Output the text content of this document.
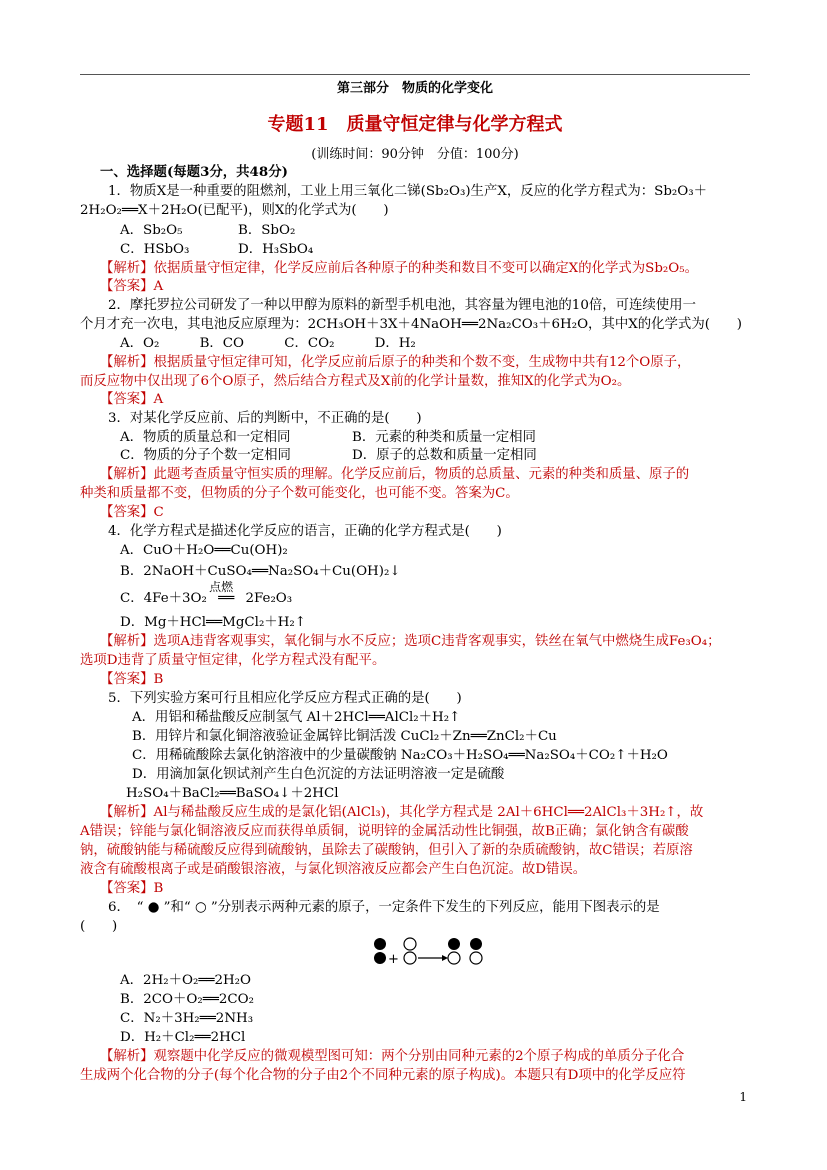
第三部分　物质的化学变化
专题11　质量守恒定律与化学方程式
(训练时间：90分钟　分值：100分)
一、选择题(每题3分，共48分)
1．物质X是一种重要的阻燃剂，工业上用三氧化二锑(Sb₂O₃)生产X，反应的化学方程式为：Sb₂O₃＋
2H₂O₂══X＋2H₂O(已配平)，则X的化学式为(　　)
A．Sb₂O₅	B．SbO₂
C．HSbO₃	D．H₃SbO₄
【解析】依据质量守恒定律，化学反应前后各种原子的种类和数目不变可以确定X的化学式为Sb₂O₅。
【答案】A
2．摩托罗拉公司研发了一种以甲醇为原料的新型手机电池，其容量为锂电池的10倍，可连续使用一
个月才充一次电，其电池反应原理为：2CH₃OH＋3X＋4NaOH══2Na₂CO₃＋6H₂O，其中X的化学式为(　　)
A．O₂　　　B．CO　　　C．CO₂　　　D．H₂
【解析】根据质量守恒定律可知，化学反应前后原子的种类和个数不变，生成物中共有12个O原子，
而反应物中仅出现了6个O原子，然后结合方程式及X前的化学计量数，推知X的化学式为O₂。
【答案】A
3．对某化学反应前、后的判断中，不正确的是(　　)
A．物质的质量总和一定相同	B．元素的种类和质量一定相同
C．物质的分子个数一定相同	D．原子的总数和质量一定相同
【解析】此题考查质量守恒实质的理解。化学反应前后，物质的总质量、元素的种类和质量、原子的
种类和质量都不变，但物质的分子个数可能变化，也可能不变。答案为C。
【答案】C
4．化学方程式是描述化学反应的语言，正确的化学方程式是(　　)
A．CuO＋H₂O══Cu(OH)₂
B．2NaOH＋CuSO₄══Na₂SO₄＋Cu(OH)₂↓
C．4Fe＋3O₂
点燃
══ 2Fe₂O₃
D．Mg＋HCl══MgCl₂＋H₂↑
【解析】选项A违背客观事实，氧化铜与水不反应；选项C违背客观事实，铁丝在氧气中燃烧生成Fe₃O₄；
选项D违背了质量守恒定律，化学方程式没有配平。
【答案】B
5．下列实验方案可行且相应化学反应方程式正确的是(　　)
A．用铝和稀盐酸反应制氢气 Al＋2HCl══AlCl₂＋H₂↑
B．用锌片和氯化铜溶液验证金属锌比铜活泼 CuCl₂＋Zn══ZnCl₂＋Cu
C．用稀硫酸除去氯化钠溶液中的少量碳酸钠 Na₂CO₃＋H₂SO₄══Na₂SO₄＋CO₂↑＋H₂O
D．用滴加氯化钡试剂产生白色沉淀的方法证明溶液一定是硫酸
H₂SO₄＋BaCl₂══BaSO₄↓＋2HCl
【解析】Al与稀盐酸反应生成的是氯化铝(AlCl₃)，其化学方程式是 2Al＋6HCl══2AlCl₃＋3H₂↑，故
A错误；锌能与氯化铜溶液反应而获得单质铜，说明锌的金属活动性比铜强，故B正确；氯化钠含有碳酸
钠，硫酸钠能与稀硫酸反应得到硫酸钠，虽除去了碳酸钠，但引入了新的杂质硫酸钠，故C错误；若原溶
液含有硫酸根离子或是硝酸银溶液，与氯化钡溶液反应都会产生白色沉淀。故D错误。
【答案】B
6．　“ ● ”和“ ○ ”分别表示两种元素的原子，一定条件下发生的下列反应，能用下图表示的是
(　　)
+
A．2H₂＋O₂══2H₂O
B．2CO＋O₂══2CO₂
C．N₂＋3H₂══2NH₃
D．H₂＋Cl₂══2HCl
【解析】观察题中化学反应的微观模型图可知：两个分别由同种元素的2个原子构成的单质分子化合
生成两个化合物的分子(每个化合物的分子由2个不同种元素的原子构成)。本题只有D项中的化学反应符
1
